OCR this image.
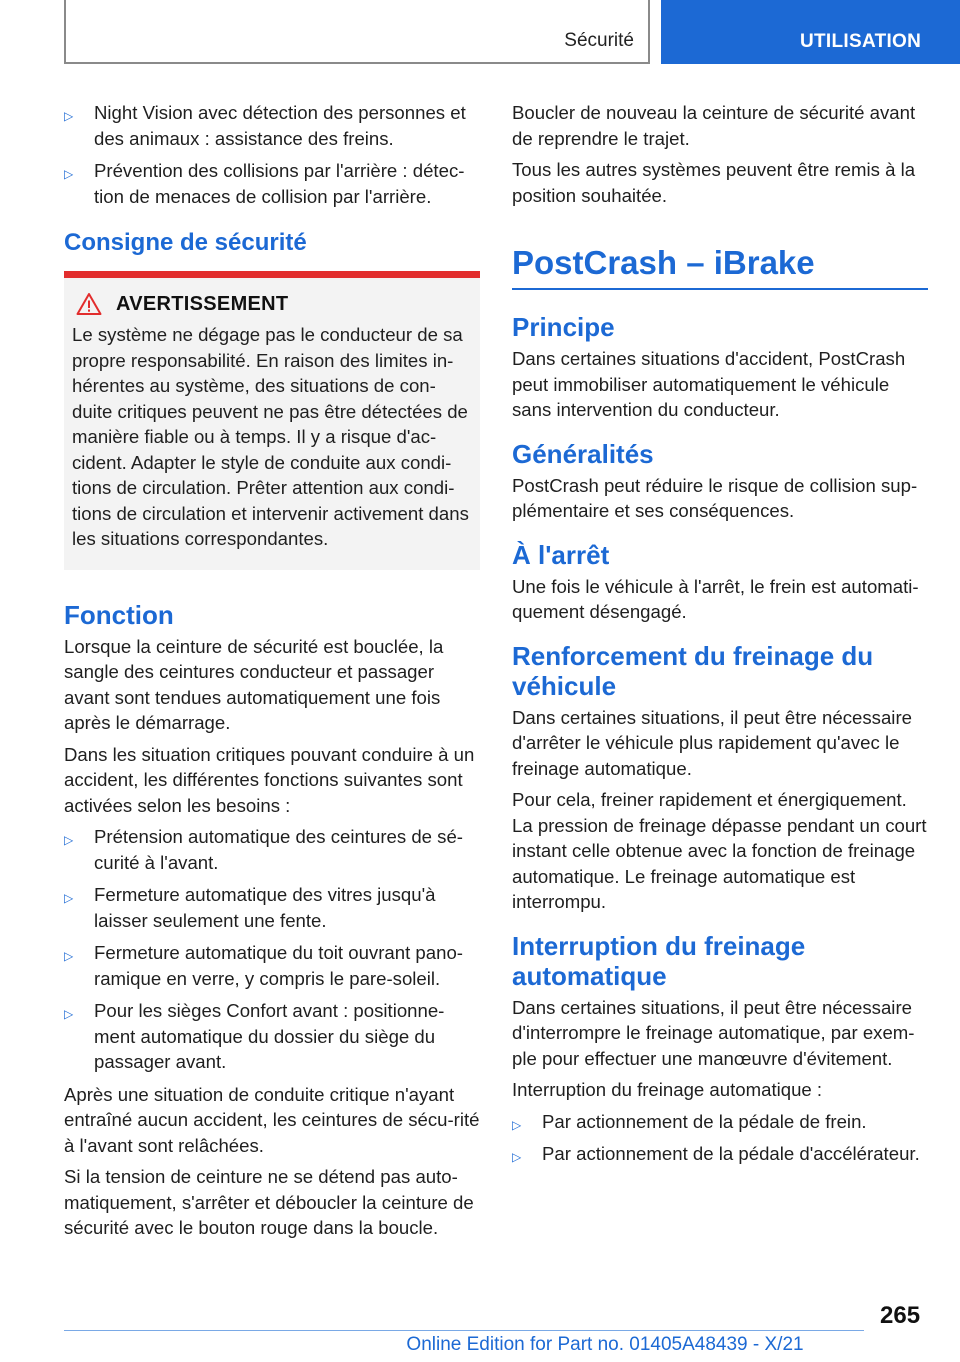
Sécurité	UTILISATION
▷ Night Vision avec détection des personnes et des animaux : assistance des freins.
▷ Prévention des collisions par l'arrière : détec-tion de menaces de collision par l'arrière.
Consigne de sécurité
AVERTISSEMENT

Le système ne dégage pas le conducteur de sa propre responsabilité. En raison des limites in-hérentes au système, des situations de con-duite critiques peuvent ne pas être détectées de manière fiable ou à temps. Il y a risque d'ac-cident. Adapter le style de conduite aux condi-tions de circulation. Prêter attention aux condi-tions de circulation et intervenir activement dans les situations correspondantes.

Fonction

Lorsque la ceinture de sécurité est bouclée, la sangle des ceintures conducteur et passager avant sont tendues automatiquement une fois après le démarrage.

Dans les situation critiques pouvant conduire à un accident, les différentes fonctions suivantes sont activées selon les besoins :

▷ Prétension automatique des ceintures de sé-curité à l'avant.
▷ Fermeture automatique des vitres jusqu'à laisser seulement une fente.
▷ Fermeture automatique du toit ouvrant pano-ramique en verre, y compris le pare-soleil.
▷ Pour les sièges Confort avant : positionne-ment automatique du dossier du siège du passager avant.

Après une situation de conduite critique n'ayant entraîné aucun accident, les ceintures de sécu-rité à l'avant sont relâchées.

Si la tension de ceinture ne se détend pas auto-matiquement, s'arrêter et déboucler la ceinture de sécurité avec le bouton rouge dans la boucle.

Boucler de nouveau la ceinture de sécurité avant de reprendre le trajet.

Tous les autres systèmes peuvent être remis à la position souhaitée.

PostCrash – iBrake
Principe

Dans certaines situations d'accident, PostCrash peut immobiliser automatiquement le véhicule sans intervention du conducteur.

Généralités

PostCrash peut réduire le risque de collision sup-plémentaire et ses conséquences.

À l'arrêt

Une fois le véhicule à l'arrêt, le frein est automati-quement désengagé.

Renforcement du freinage du véhicule

Dans certaines situations, il peut être nécessaire d'arrêter le véhicule plus rapidement qu'avec le freinage automatique.

Pour cela, freiner rapidement et énergiquement. La pression de freinage dépasse pendant un court instant celle obtenue avec la fonction de freinage automatique. Le freinage automatique est interrompu.

Interruption du freinage automatique

Dans certaines situations, il peut être nécessaire d'interrompre le freinage automatique, par exem-ple pour effectuer une manœuvre d'évitement.

Interruption du freinage automatique :

▷ Par actionnement de la pédale de frein.
▷ Par actionnement de la pédale d'accélérateur.
265
Online Edition for Part no. 01405A48439 - X/21
